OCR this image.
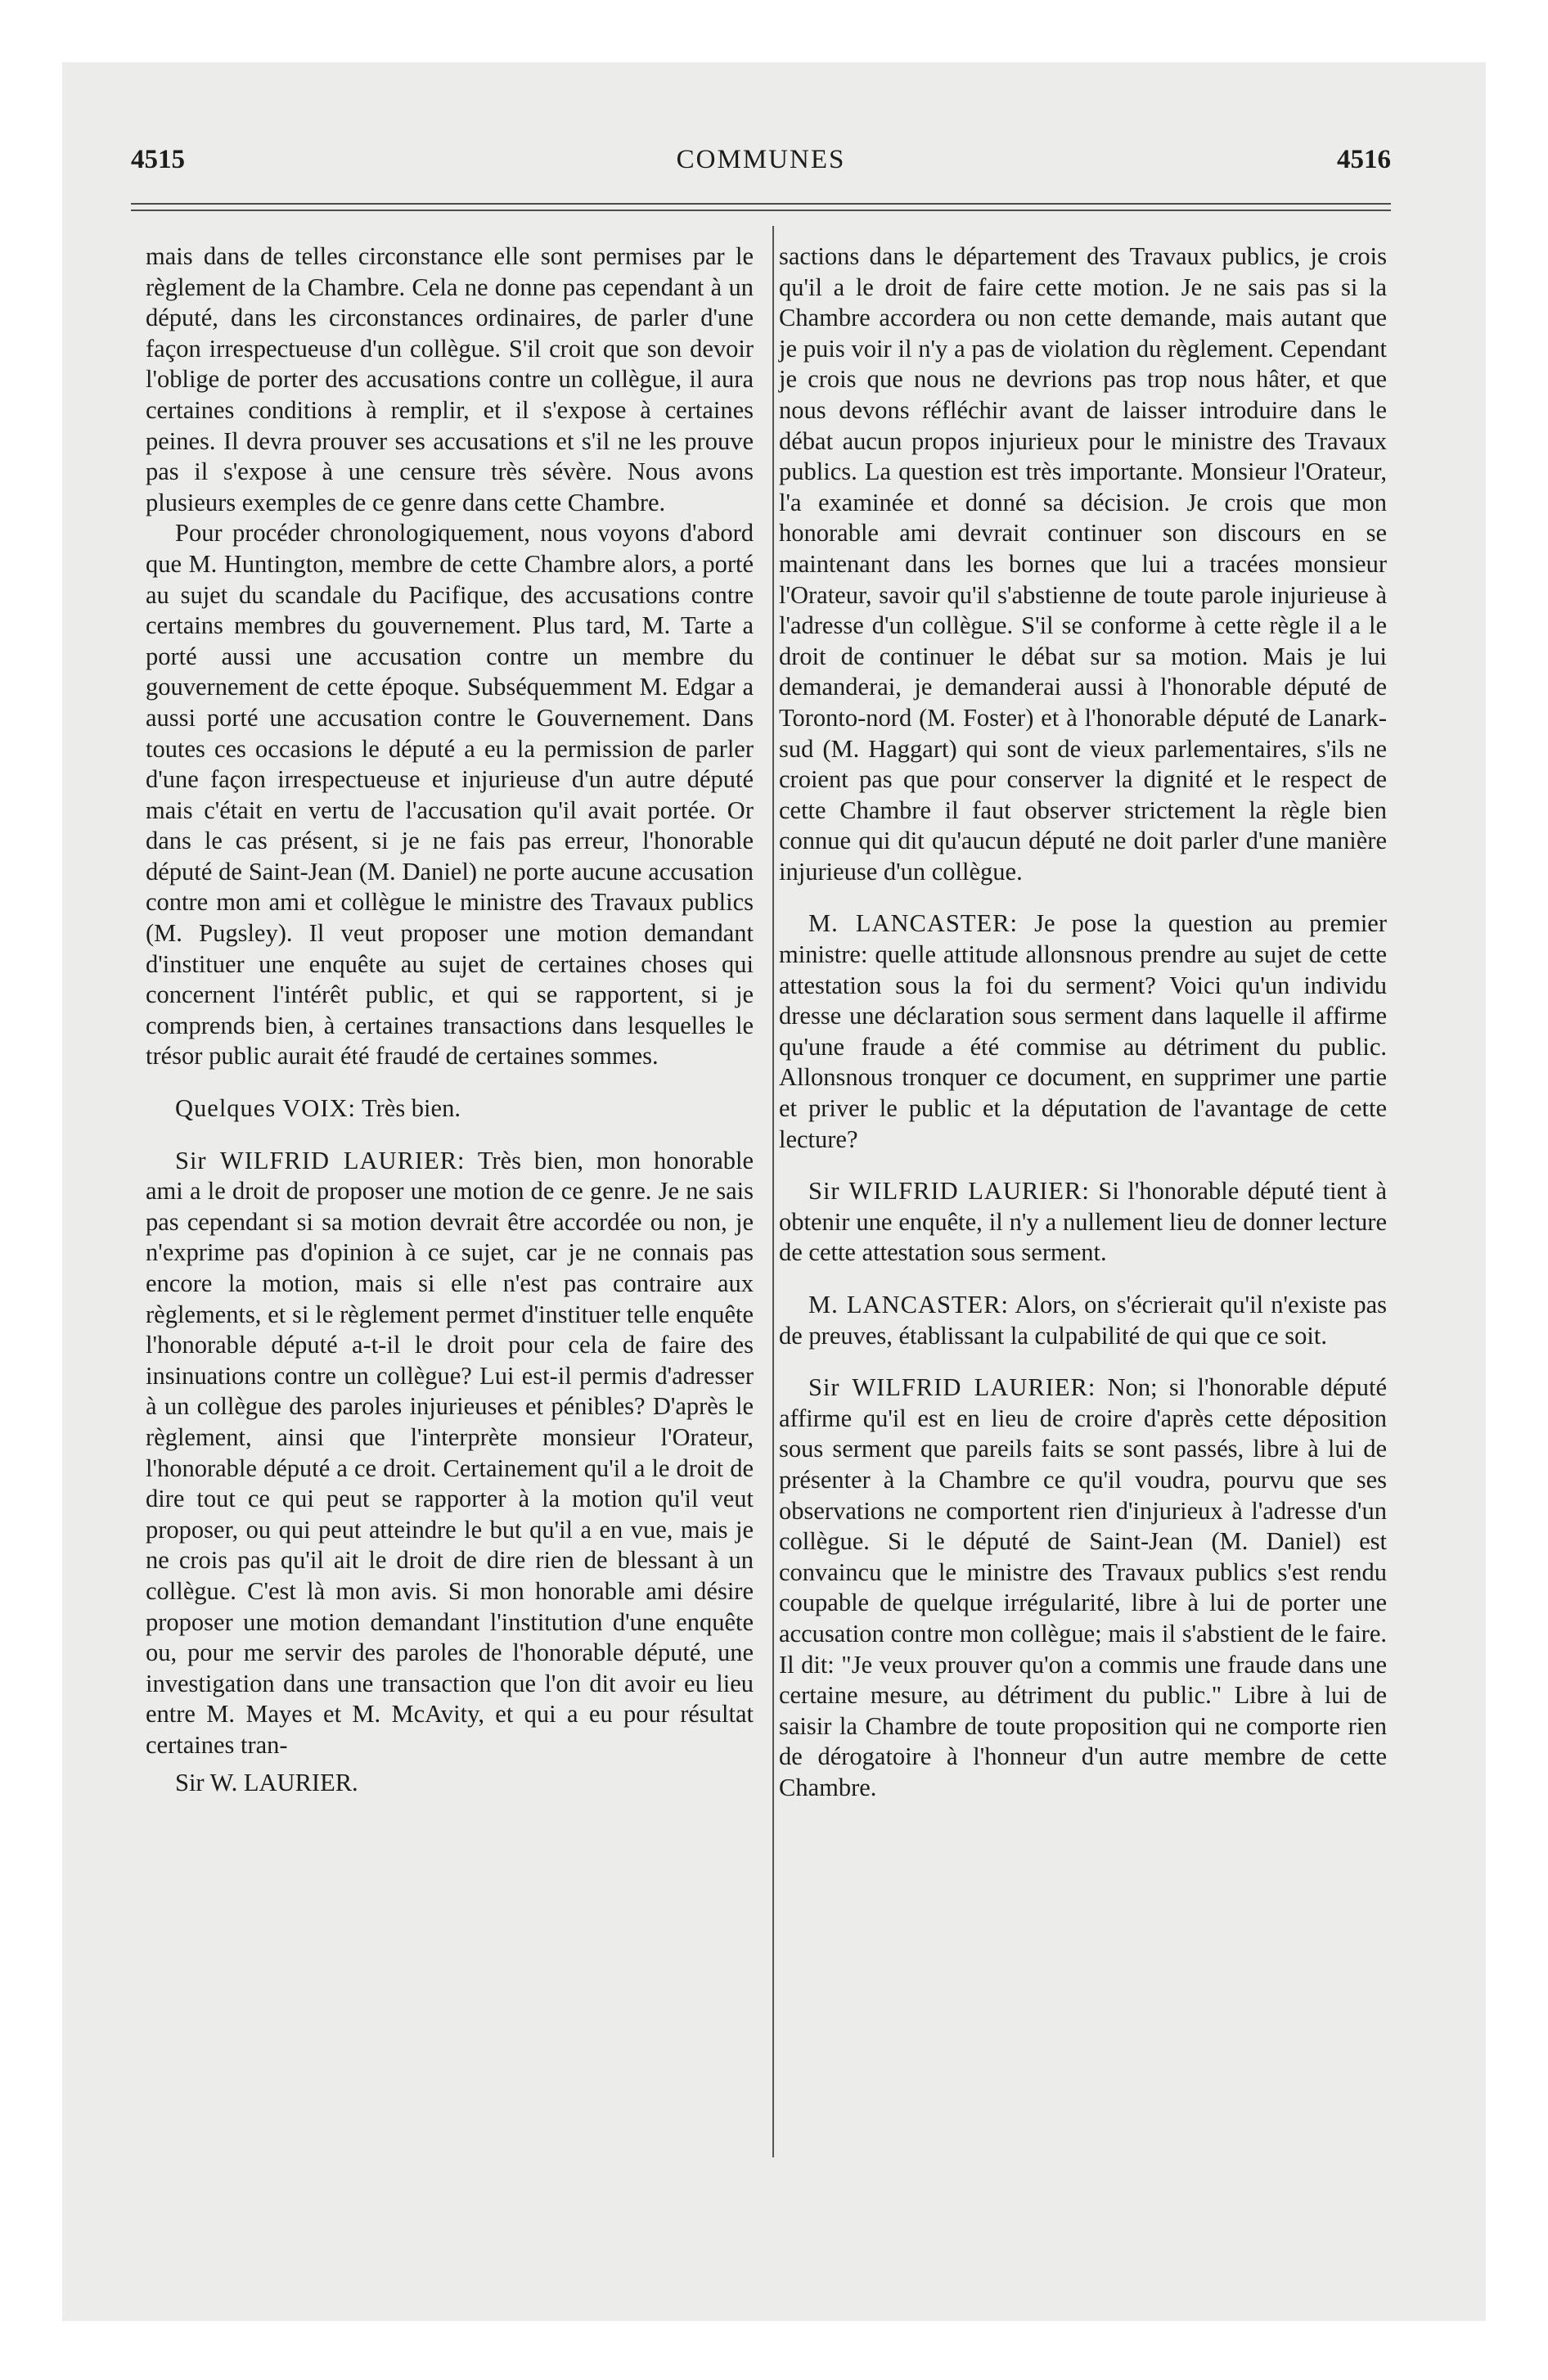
COMMUNES
4515	4516

mais dans de telles circonstance elle sont permises par le règlement de la Chambre. Cela ne donne pas cependant à un député, dans les circonstances ordinaires, de parler d'une façon irrespectueuse d'un collègue. S'il croit que son devoir l'oblige de porter des accusations contre un collègue, il aura certaines conditions à remplir, et il s'expose à certaines peines. Il devra prouver ses accusations et s'il ne les prouve pas il s'expose à une censure très sévère. Nous avons plusieurs exemples de ce genre dans cette Chambre.

Pour procéder chronologiquement, nous voyons d'abord que M. Huntington, membre de cette Chambre alors, a porté au sujet du scandale du Pacifique, des accusations contre certains membres du gouvernement. Plus tard, M. Tarte a porté aussi une accusation contre un membre du gouvernement de cette époque. Subséquemment M. Edgar a aussi porté une accusation contre le Gouvernement. Dans toutes ces occasions le député a eu la permission de parler d'une façon irrespectueuse et injurieuse d'un autre député mais c'était en vertu de l'accusation qu'il avait portée. Or dans le cas présent, si je ne fais pas erreur, l'honorable député de Saint-Jean (M. Daniel) ne porte aucune accusation contre mon ami et collègue le ministre des Travaux publics (M. Pugsley). Il veut proposer une motion demandant d'instituer une enquête au sujet de certaines choses qui concernent l'intérêt public, et qui se rapportent, si je comprends bien, à certaines transactions dans lesquelles le trésor public aurait été fraudé de certaines sommes.

Quelques VOIX: Très bien.

Sir WILFRID LAURIER: Très bien, mon honorable ami a le droit de proposer une motion de ce genre. Je ne sais pas cependant si sa motion devrait être accordée ou non, je n'exprime pas d'opinion à ce sujet, car je ne connais pas encore la motion, mais si elle n'est pas contraire aux règlements, et si le règlement permet d'instituer telle enquête l'honorable député a-t-il le droit pour cela de faire des insinuations contre un collègue? Lui est-il permis d'adresser à un collègue des paroles injurieuses et pénibles? D'après le règlement, ainsi que l'interprète monsieur l'Orateur, l'honorable député a ce droit. Certainement qu'il a le droit de dire tout ce qui peut se rapporter à la motion qu'il veut proposer, ou qui peut atteindre le but qu'il a en vue, mais je ne crois pas qu'il ait le droit de dire rien de blessant à un collègue. C'est là mon avis. Si mon honorable ami désire proposer une motion demandant l'institution d'une enquête ou, pour me servir des paroles de l'honorable député, une investigation dans une transaction que l'on dit avoir eu lieu entre M. Mayes et M. McAvity, et qui a eu pour résultat certaines tran-

Sir W. LAURIER.

sactions dans le département des Travaux publics, je crois qu'il a le droit de faire cette motion. Je ne sais pas si la Chambre accordera ou non cette demande, mais autant que je puis voir il n'y a pas de violation du règlement. Cependant je crois que nous ne devrions pas trop nous hâter, et que nous devons réfléchir avant de laisser introduire dans le débat aucun propos injurieux pour le ministre des Travaux publics. La question est très importante. Monsieur l'Orateur, l'a examinée et donné sa décision. Je crois que mon honorable ami devrait continuer son discours en se maintenant dans les bornes que lui a tracées monsieur l'Orateur, savoir qu'il s'abstienne de toute parole injurieuse à l'adresse d'un collègue. S'il se conforme à cette règle il a le droit de continuer le débat sur sa motion. Mais je lui demanderai, je demanderai aussi à l'honorable député de Toronto-nord (M. Foster) et à l'honorable député de Lanark-sud (M. Haggart) qui sont de vieux parlementaires, s'ils ne croient pas que pour conserver la dignité et le respect de cette Chambre il faut observer strictement la règle bien connue qui dit qu'aucun député ne doit parler d'une manière injurieuse d'un collègue.

M. LANCASTER: Je pose la question au premier ministre: quelle attitude allonsnous prendre au sujet de cette attestation sous la foi du serment? Voici qu'un individu dresse une déclaration sous serment dans laquelle il affirme qu'une fraude a été commise au détriment du public. Allonsnous tronquer ce document, en supprimer une partie et priver le public et la députation de l'avantage de cette lecture?

Sir WILFRID LAURIER: Si l'honorable député tient à obtenir une enquête, il n'y a nullement lieu de donner lecture de cette attestation sous serment.

M. LANCASTER: Alors, on s'écrierait qu'il n'existe pas de preuves, établissant la culpabilité de qui que ce soit.

Sir WILFRID LAURIER: Non; si l'honorable député affirme qu'il est en lieu de croire d'après cette déposition sous serment que pareils faits se sont passés, libre à lui de présenter à la Chambre ce qu'il voudra, pourvu que ses observations ne comportent rien d'injurieux à l'adresse d'un collègue. Si le député de Saint-Jean (M. Daniel) est convaincu que le ministre des Travaux publics s'est rendu coupable de quelque irrégularité, libre à lui de porter une accusation contre mon collègue; mais il s'abstient de le faire. Il dit: "Je veux prouver qu'on a commis une fraude dans une certaine mesure, au détriment du public." Libre à lui de saisir la Chambre de toute proposition qui ne comporte rien de dérogatoire à l'honneur d'un autre membre de cette Chambre.
